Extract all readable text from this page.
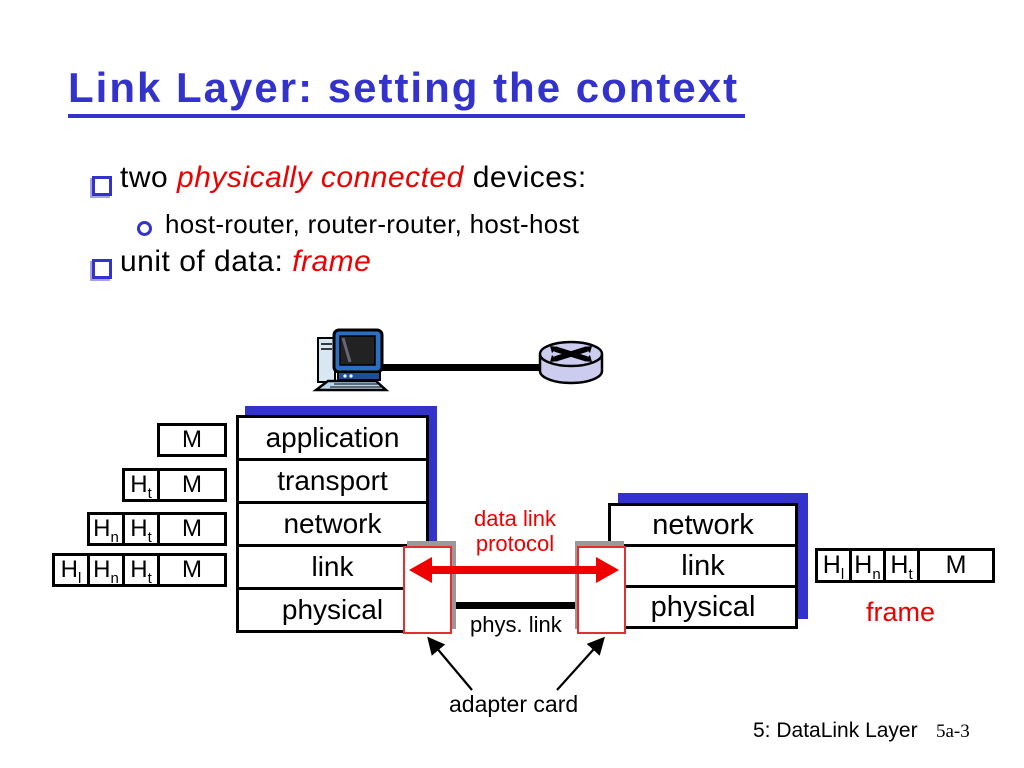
Link Layer: setting the context
two physically connected devices:
host-router, router-router, host-host
unit of data: frame
application
transport
network
link
physical
M
$H_t$ M
$H_n$ $H_t$ M
$H_l$ $H_n$ $H_t$ M
network
link
physical
data link
protocol
phys. link
adapter card
$H_l$ $H_n$ $H_t$ M
frame
5: DataLink Layer 5a-3
